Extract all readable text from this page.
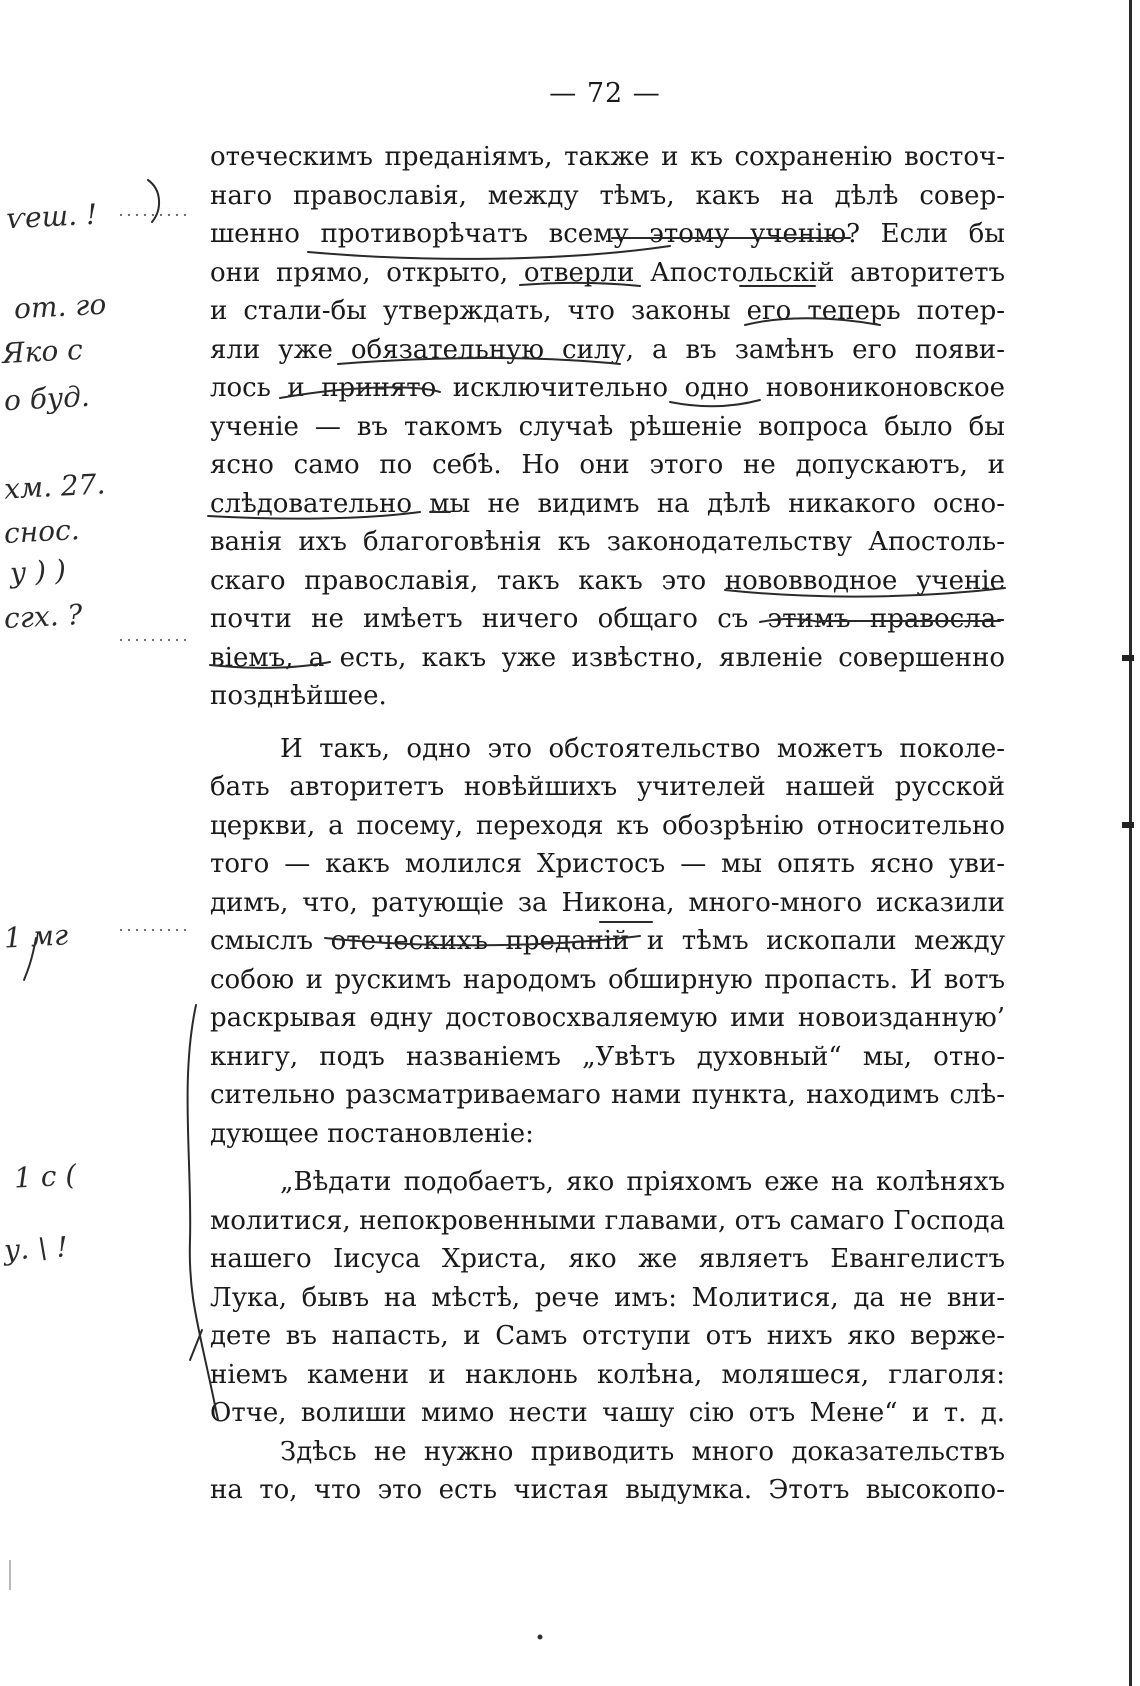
— 72 —
отеческимъ преданіямъ, также и къ сохраненію восточ-
наго православія, между тѣмъ, какъ на дѣлѣ совер-
шенно противорѣчатъ всему этому ученію? Если бы
они прямо, открыто, отверли Апостольскій авторитетъ
и стали-бы утверждать, что законы его теперь потер-
яли уже обязательную силу, а въ замѣнъ его появи-
лось и принято исключительно одно новониконовское
ученіе — въ такомъ случаѣ рѣшеніе вопроса было бы
ясно само по себѣ. Но они этого не допускаютъ, и
слѣдовательно мы не видимъ на дѣлѣ никакого осно-
ванія ихъ благоговѣнія къ законодательству Апостоль-
скаго православія, такъ какъ это нововводное ученіе
почти не имѣетъ ничего общаго съ этимъ правосла-
віемъ, а есть, какъ уже извѣстно, явленіе совершенно
позднѣйшее.
И такъ, одно это обстоятельство можетъ поколе-
бать авторитетъ новѣйшихъ учителей нашей русской
церкви, а посему, переходя къ обозрѣнію относительно
того — какъ молился Христосъ — мы опять ясно уви-
димъ, что, ратующіе за Никона, много-много исказили
смыслъ отеческихъ преданій и тѣмъ ископали между
собою и рускимъ народомъ обширную пропасть. И вотъ
раскрывая ѳдну достовосхваляемую ими новоизданную’
книгу, подъ названіемъ „Увѣтъ духовный“ мы, отно-
сительно разсматриваемаго нами пункта, находимъ слѣ-
дующее постановленіе:
„Вѣдати подобаетъ, яко пріяхомъ еже на колѣняхъ
молитися, непокровенными главами, отъ самаго Господа
нашего Іисуса Христа, яко же являетъ Евангелистъ
Лука, бывъ на мѣстѣ, рече имъ: Молитися, да не вни-
дете въ напасть, и Самъ отступи отъ нихъ яко верже-
ніемъ камени и наклонь колѣна, моляшеся, глаголя:
Отче, волиши мимо нести чашу сію отъ Мене“ и т. д.
Здѣсь не нужно приводить много доказательствъ
на то, что это есть чистая выдумка. Этотъ высокопо-
ѵеш. !
от. го
Яко с
о буд.
хм. 27.
снос.
у ) )
сгх. ?
1 мг
1 с (
у. \ !
